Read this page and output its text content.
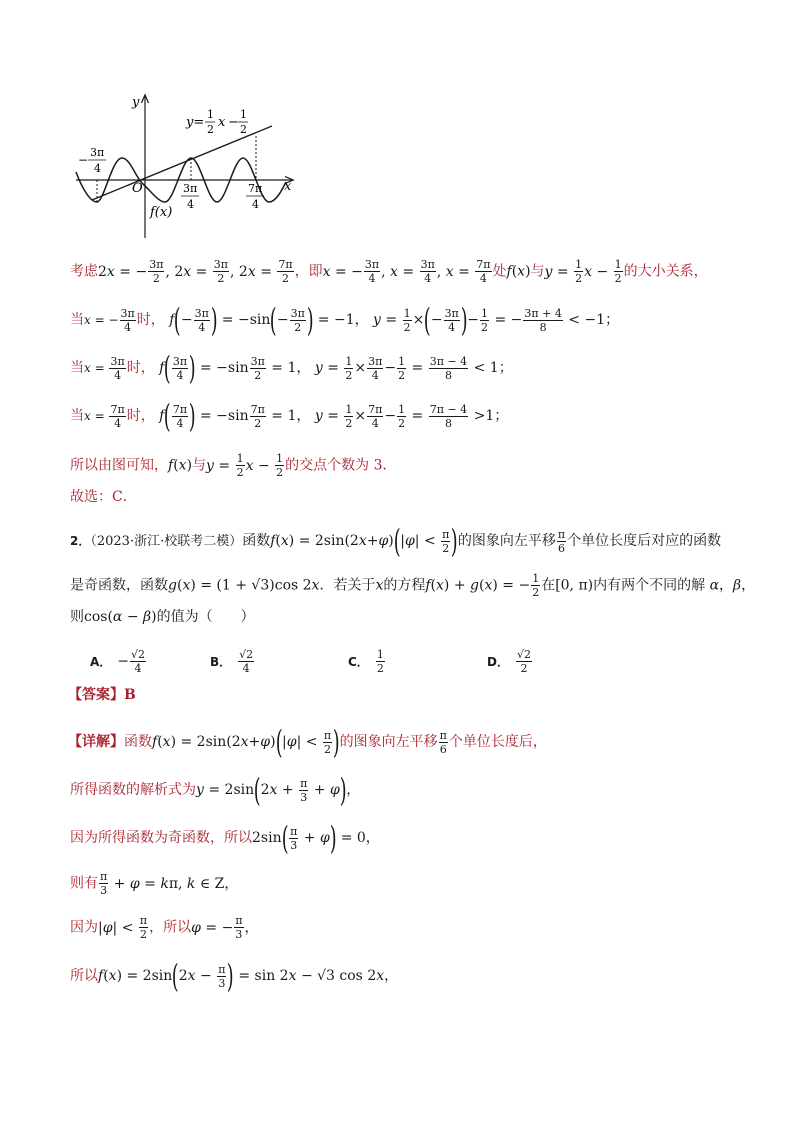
y
x
O
f(x)
y=
1
2 x −
1
2
−
3π
4
3π
4
7π
4
考虑2x = − $\frac{3\pi}{2}$ , $2x = \frac{3\pi}{2}$ , $2x = \frac{7\pi}{2}$ ，即x = − $\frac{3\pi}{4}$ , $x = \frac{3\pi}{4}$ , $x = \frac{7\pi}{4}$ 处f(x)与$y = \frac{1}{2}$ $x - \frac{1}{2}$ 的大小关系，
当x = − $\frac{3\pi}{4}$ 时， $f(- \frac{3\pi}{4}$ ) = $-\sin(- \frac{3\pi}{2}$ ) = −1， $y = \frac{1}{2}$ ×(− $\frac{3\pi}{4}$ )− $\frac{1}{2}$ = − $\frac{3\pi + 4}{8} < -1$；
当$x = \frac{3\pi}{4}$ 时， $f( \frac{3\pi}{4}$ ) = $-\sin \frac{3\pi}{2} = 1$， $y = \frac{1}{2} \times \frac{3\pi}{4} - \frac{1}{2} = \frac{3\pi - 4}{8} < 1$；
当$x = \frac{7\pi}{4}$ 时， $f( \frac{7\pi}{4}$ ) = $-\sin \frac{7\pi}{2} = 1$， $y = \frac{1}{2} \times \frac{7\pi}{4} - \frac{1}{2} = \frac{7\pi - 4}{8} >1$；
所以由图可知，f(x)与$y = \frac{1}{2}$ $x - \frac{1}{2}$ 的交点个数为 3．
故选：C．
2．（2023·浙江·校联考二模）函数$f(x) = 2\sin(2x+\varphi)(|\varphi| < \frac{\pi}{2}$ )的图象向左平移 $\frac{\pi}{6}$ 个单位长度后对应的函数
是奇函数，函数g(x) = (1 + √3)cos 2x．若关于x的方程f(x) + g(x) = − $\frac{1}{2}$ 在[0, π)内有两个不同的解 α，β，
则cos(α − β)的值为（　　）
A． − $\frac{√2}{4}$	B． $\frac{√2}{4}$	C． $\frac{1}{2}$	D． $\frac{√2}{2}$
【答案】B
【详解】函数$f(x) = 2\sin(2x+\varphi)(|\varphi| < \frac{\pi}{2}$ )的图象向左平移 $\frac{\pi}{6}$ 个单位长度后，
所得函数的解析式为$y = 2\sin(2x + \frac{\pi}{3} + \varphi)$，
因为所得函数为奇函数，所以$2\sin( \frac{\pi}{3} + \varphi) = 0$，
则有 $\frac{\pi}{3} + \varphi = k\pi$, k ∈ Z，
因为$|\varphi| < \frac{\pi}{2}$ ，所以φ = − $\frac{\pi}{3}$ ，
所以$f(x) = 2\sin(2x - \frac{\pi}{3}$ ) = sin 2x − √3 cos 2x，
